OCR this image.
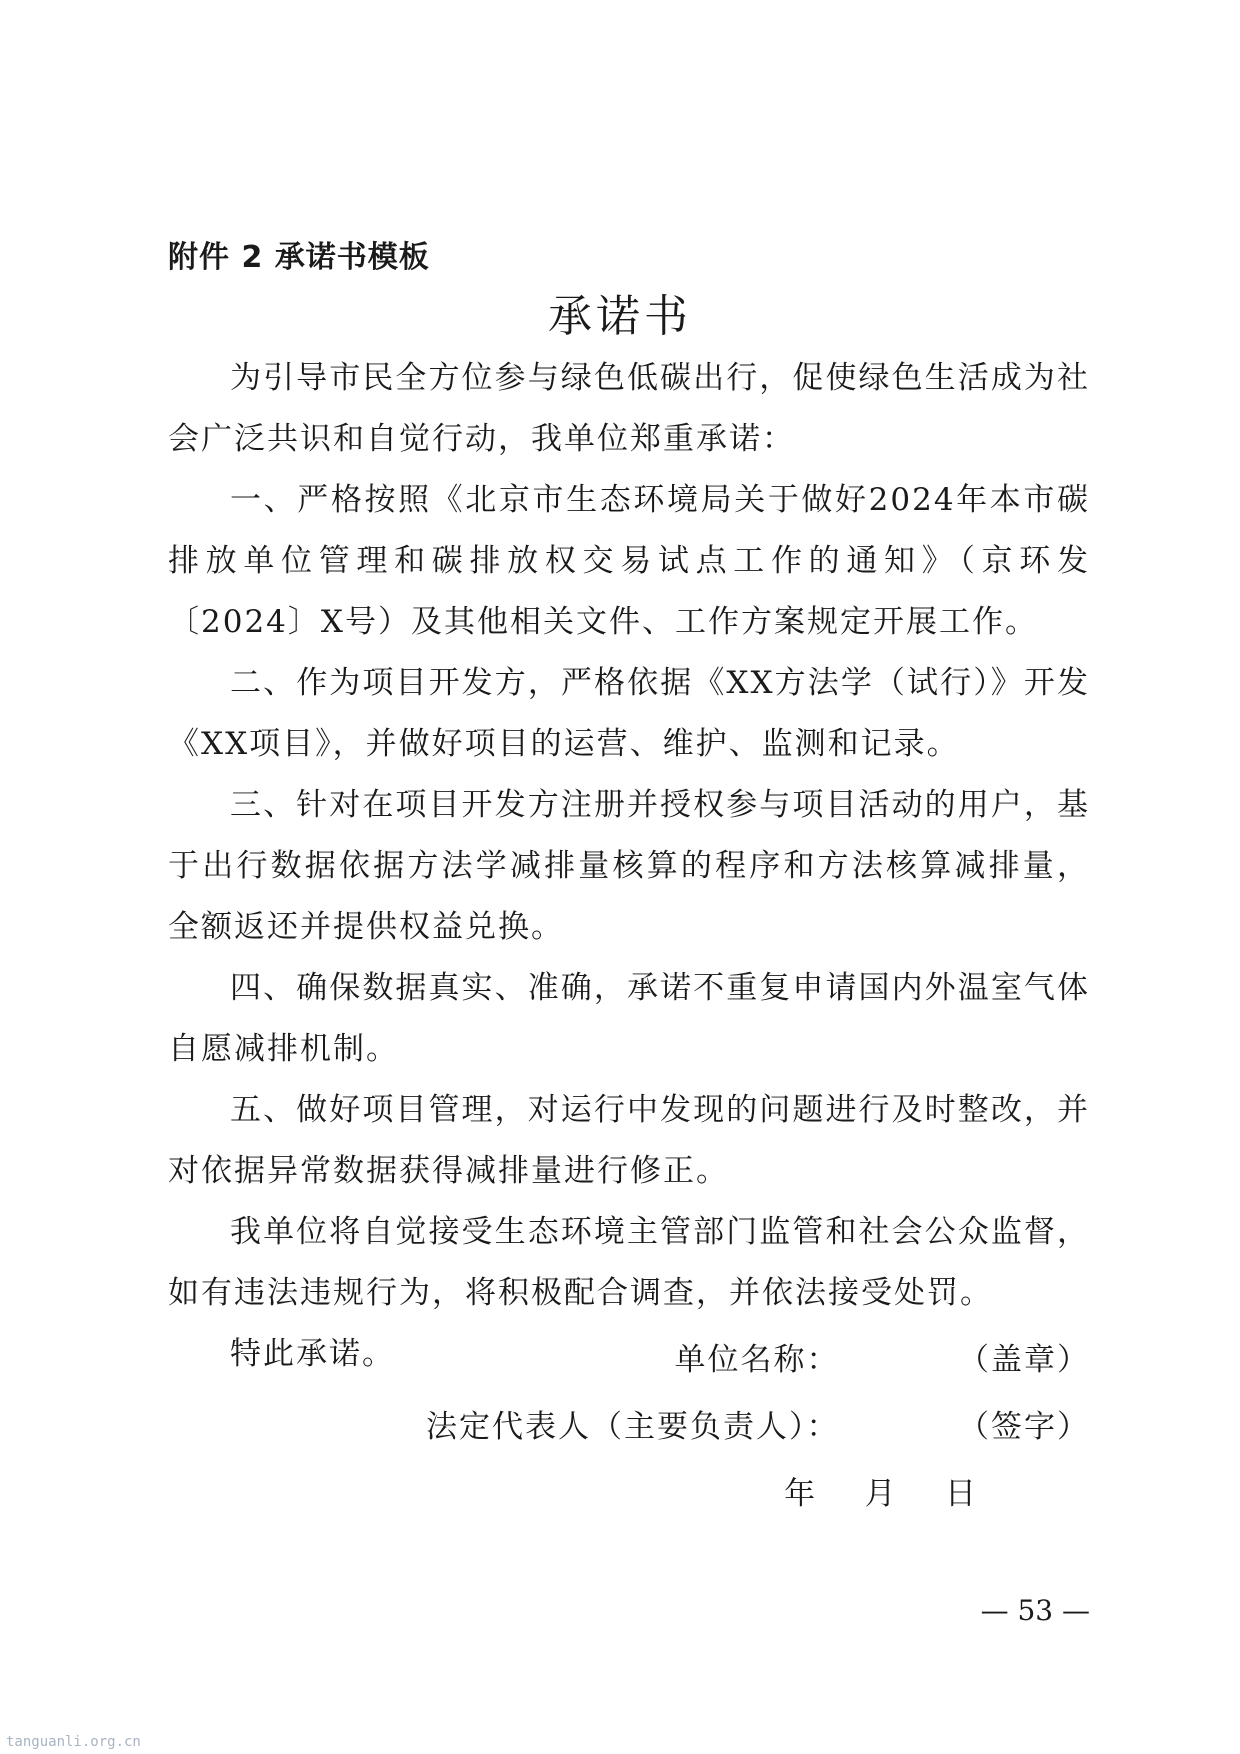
附件 2 承诺书模板
承诺书

为引导市民全方位参与绿色低碳出行，促使绿色生活成为社会广泛共识和自觉行动，我单位郑重承诺：

一、严格按照《北京市生态环境局关于做好2024年本市碳排放单位管理和碳排放权交易试点工作的通知》（京环发〔2024〕X号）及其他相关文件、工作方案规定开展工作。

二、作为项目开发方，严格依据《XX方法学（试行）》开发《XX项目》，并做好项目的运营、维护、监测和记录。

三、针对在项目开发方注册并授权参与项目活动的用户，基于出行数据依据方法学减排量核算的程序和方法核算减排量，全额返还并提供权益兑换。

四、确保数据真实、准确，承诺不重复申请国内外温室气体自愿减排机制。

五、做好项目管理，对运行中发现的问题进行及时整改，并对依据异常数据获得减排量进行修正。

我单位将自觉接受生态环境主管部门监管和社会公众监督，如有违法违规行为，将积极配合调查，并依法接受处罚。

特此承诺。	单位名称：          （盖章）
法定代表人（主要负责人）：          （签字）
年    月    日
— 53 —
tanguanli.org.cn
